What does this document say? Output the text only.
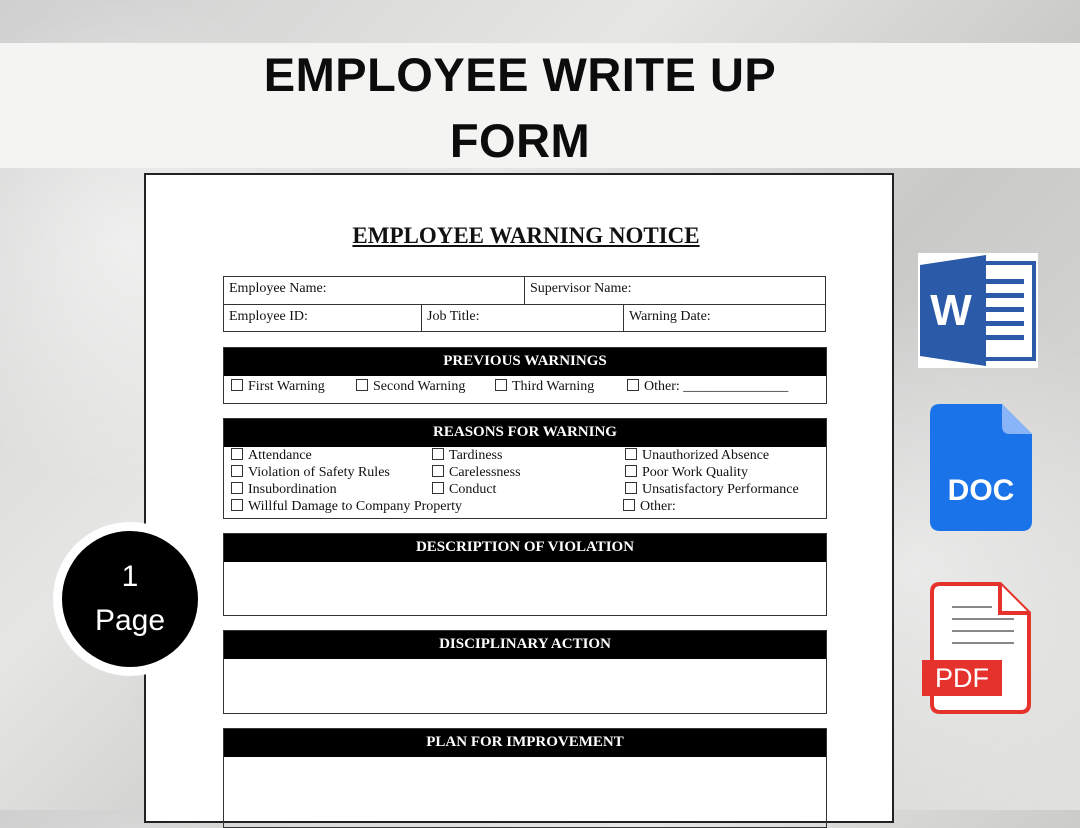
EMPLOYEE WRITE UP
FORM
EMPLOYEE WARNING NOTICE
Employee Name:	Supervisor Name:
Employee ID:	Job Title:	Warning Date:
PREVIOUS WARNINGS
First Warning	Second Warning	Third Warning	Other: _______________
REASONS FOR WARNING
Attendance	Tardiness	Unauthorized Absence
Violation of Safety Rules	Carelessness	Poor Work Quality
Insubordination	Conduct	Unsatisfactory Performance
Willful Damage to Company Property	Other:
DESCRIPTION OF VIOLATION
DISCIPLINARY ACTION
PLAN FOR IMPROVEMENT
1
Page
W
DOC
PDF
